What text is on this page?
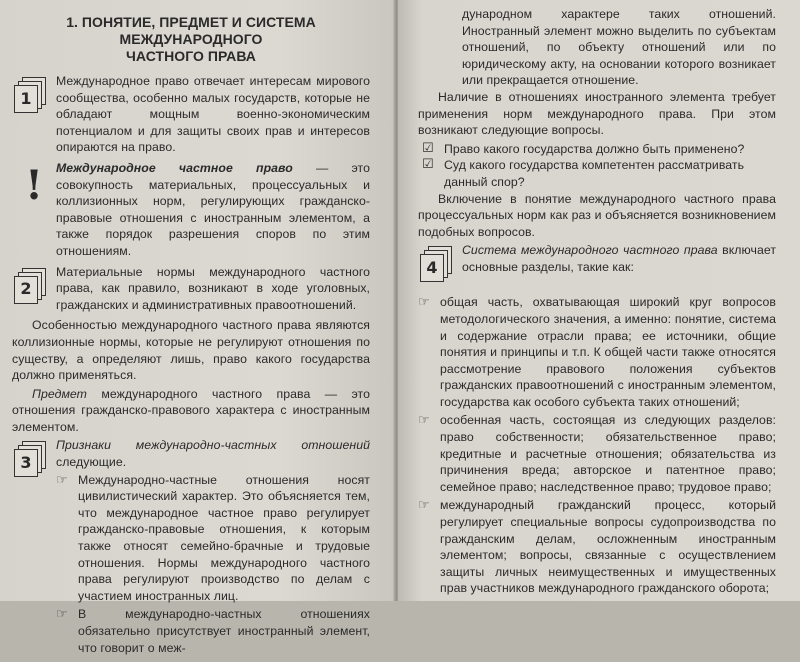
1. ПОНЯТИЕ, ПРЕДМЕТ И СИСТЕМА МЕЖДУНАРОДНОГО
ЧАСТНОГО ПРАВА
1
Международное право отвечает интересам мирового сообщества, особенно малых государств, которые не обладают мощным военно-экономическим потенциалом и для защиты своих прав и интересов опираются на право.
! Международное частное право — это совокупность материальных, процессуальных и коллизионных норм, регулирующих гражданско-правовые отношения с иностранным элементом, а также порядок разрешения споров по этим отношениям.
2
Материальные нормы международного частного права, как правило, возникают в ходе уголовных, гражданских и административных правоотношений.
Особенностью международного частного права являются коллизионные нормы, которые не регулируют отношения по существу, а определяют лишь, право какого государства должно применяться.
Предмет международного частного права — это отношения гражданско-правового характера с иностранным элементом.
3
Признаки международно-частных отношений следующие.
☞ Международно-частные отношения носят цивилистический характер. Это объясняется тем, что международное частное право регулирует гражданско-правовые отношения, к которым также относят семейно-брачные и трудовые отношения. Нормы международного частного права регулируют производство по делам с участием иностранных лиц.
☞ В международно-частных отношениях обязательно присутствует иностранный элемент, что говорит о меж-
дународном характере таких отношений. Иностранный элемент можно выделить по субъектам отношений, по объекту отношений или по юридическому акту, на основании которого возникает или прекращается отношение.
Наличие в отношениях иностранного элемента требует применения норм международного права. При этом возникают следующие вопросы.
☑ Право какого государства должно быть применено?
☑ Суд какого государства компетентен рассматривать данный спор?
Включение в понятие международного частного права процессуальных норм как раз и объясняется возникновением подобных вопросов.
4
Система международного частного права включает основные разделы, такие как:
☞ общая часть, охватывающая широкий круг вопросов методологического значения, а именно: понятие, система и содержание отрасли права; ее источники, общие понятия и принципы и т.п. К общей части также относятся рассмотрение правового положения субъектов гражданских правоотношений с иностранным элементом, государства как особого субъекта таких отношений;
☞ особенная часть, состоящая из следующих разделов: право собственности; обязательственное право; кредитные и расчетные отношения; обязательства из причинения вреда; авторское и патентное право; семейное право; наследственное право; трудовое право;
☞ международный гражданский процесс, который регулирует специальные вопросы судопроизводства по гражданским делам, осложненным иностранным элементом; вопросы, связанные с осуществлением защиты личных неимущественных и имущественных прав участников международного гражданского оборота;
